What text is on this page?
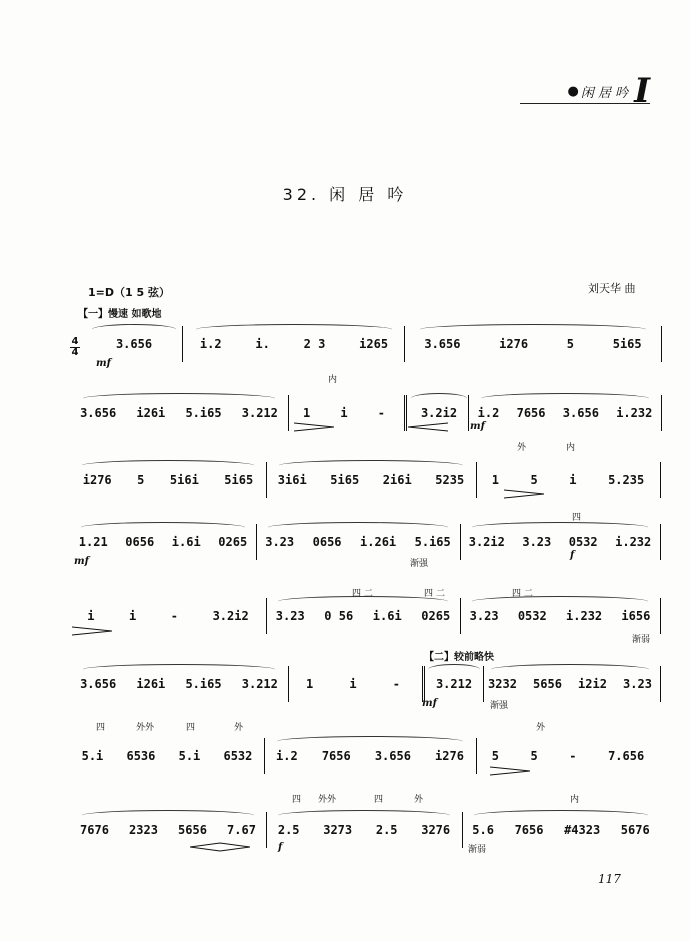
● 闲 居 吟 I
32. 闲 居 吟
1=D（1 5 弦）	刘天华 曲
【一】慢速 如歌地
【二】较前略快
4
4
3.656	i.2	i.	2 3	i265	3.656	i276	5	5i65
mf
3.656 i26i 5.i65 3.212 1	i	-	3.2i2 i.2 7656 3.656 i.232
内
mf
i276 5 5i6i 5i65 3i6i 5i65 2i6i 5235 1	5	i	5.235
外	内
1.21 0656 i.6i 0265 3.23 0656 i.26i 5.i65 3.2i2 3.23 0532 i.232
mf	渐强
f
四
i	i	-	3.2i2 3.23 0 56 i.6i 0265 3.23 0532 i.232 i656
四 二	四 二	四 二
渐弱
3.656 i26i 5.i65 3.212 1	i	-	3.212 3232 5656 i2i2 3.23
mf	渐强
5.i 6536 5.i 6532 i.2 7656 3.656 i276 5	5	-	7.656
四	外外	四	外	外
7676 2323 5656 7.67 2.5 3273 2.5 3276 5.6 7656 #4323 5676
四 外外	四	外
渐弱
内
f
117
